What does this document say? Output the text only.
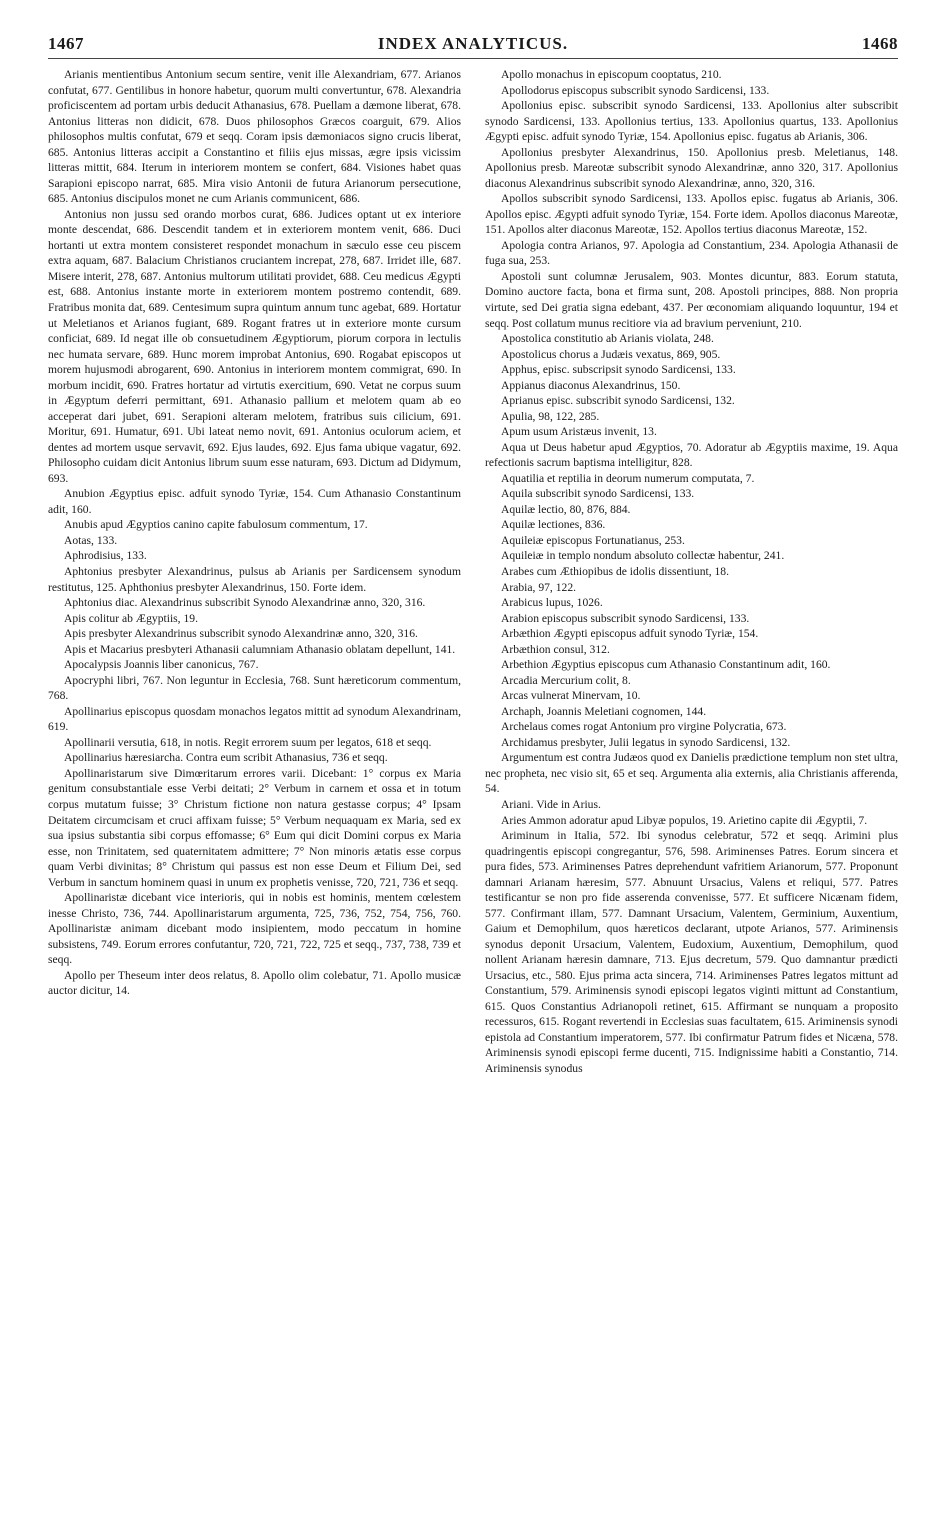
1467	INDEX ANALYTICUS.	1468

Arianis mentientibus Antonium secum sentire, venit ille Alexandriam, 677. Arianos confutat, 677. Gentilibus in honore habetur, quorum multi convertuntur, 678. Alexandria proficiscentem ad portam urbis deducit Athanasius, 678. Puellam a dæmone liberat, 678. Antonius litteras non didicit, 678. Duos philosophos Græcos coarguit, 679. Alios philosophos multis confutat, 679 et seqq. Coram ipsis dæmoniacos signo crucis liberat, 685. Antonius litteras accipit a Constantino et filiis ejus missas, ægre ipsis vicissim litteras mittit, 684. Iterum in interiorem montem se confert, 684. Visiones habet quas Sarapioni episcopo narrat, 685. Mira visio Antonii de futura Arianorum persecutione, 685. Antonius discipulos monet ne cum Arianis communicent, 686.

Antonius non jussu sed orando morbos curat, 686. Judices optant ut ex interiore monte descendat, 686. Descendit tandem et in exteriorem montem venit, 686. Duci hortanti ut extra montem consisteret respondet monachum in sæculo esse ceu piscem extra aquam, 687. Balacium Christianos cruciantem increpat, 278, 687. Irridet ille, 687. Misere interit, 278, 687. Antonius multorum utilitati providet, 688. Ceu medicus Ægypti est, 688. Antonius instante morte in exteriorem montem postremo contendit, 689. Fratribus monita dat, 689. Centesimum supra quintum annum tunc agebat, 689. Hortatur ut Meletianos et Arianos fugiant, 689. Rogant fratres ut in exteriore monte cursum conficiat, 689. Id negat ille ob consuetudinem Ægyptiorum, piorum corpora in lectulis nec humata servare, 689. Hunc morem improbat Antonius, 690. Rogabat episcopos ut morem hujusmodi abrogarent, 690. Antonius in interiorem montem commigrat, 690. In morbum incidit, 690. Fratres hortatur ad virtutis exercitium, 690. Vetat ne corpus suum in Ægyptum deferri permittant, 691. Athanasio pallium et melotem quam ab eo acceperat dari jubet, 691. Serapioni alteram melotem, fratribus suis cilicium, 691. Moritur, 691. Humatur, 691. Ubi lateat nemo novit, 691. Antonius oculorum aciem, et dentes ad mortem usque servavit, 692. Ejus laudes, 692. Ejus fama ubique vagatur, 692. Philosopho cuidam dicit Antonius librum suum esse naturam, 693. Dictum ad Didymum, 693.

Anubion Ægyptius episc. adfuit synodo Tyriæ, 154. Cum Athanasio Constantinum adit, 160.

Anubis apud Ægyptios canino capite fabulosum commentum, 17.

Aotas, 133.

Aphrodisius, 133.

Aphtonius presbyter Alexandrinus, pulsus ab Arianis per Sardicensem synodum restitutus, 125. Aphthonius presbyter Alexandrinus, 150. Forte idem.

Aphtonius diac. Alexandrinus subscribit Synodo Alexandrinæ anno, 320, 316.

Apis colitur ab Ægyptiis, 19.

Apis presbyter Alexandrinus subscribit synodo Alexandrinæ anno, 320, 316.

Apis et Macarius presbyteri Athanasii calumniam Athanasio oblatam depellunt, 141.

Apocalypsis Joannis liber canonicus, 767.

Apocryphi libri, 767. Non leguntur in Ecclesia, 768. Sunt hæreticorum commentum, 768.

Apollinarius episcopus quosdam monachos legatos mittit ad synodum Alexandrinam, 619.

Apollinarii versutia, 618, in notis. Regit errorem suum per legatos, 618 et seqq.

Apollinarius hæresiarcha. Contra eum scribit Athanasius, 736 et seqq.

Apollinaristarum sive Dimœritarum errores varii. Dicebant: 1° corpus ex Maria genitum consubstantiale esse Verbi deitati; 2° Verbum in carnem et ossa et in totum corpus mutatum fuisse; 3° Christum fictione non natura gestasse corpus; 4° Ipsam Deitatem circumcisam et cruci affixam fuisse; 5° Verbum nequaquam ex Maria, sed ex sua ipsius substantia sibi corpus effomasse; 6° Eum qui dicit Domini corpus ex Maria esse, non Trinitatem, sed quaternitatem admittere; 7° Non minoris ætatis esse corpus quam Verbi divinitas; 8° Christum qui passus est non esse Deum et Filium Dei, sed Verbum in sanctum hominem quasi in unum ex prophetis venisse, 720, 721, 736 et seqq.

Apollinaristæ dicebant vice interioris, qui in nobis est hominis, mentem cœlestem inesse Christo, 736, 744. Apollinaristarum argumenta, 725, 736, 752, 754, 756, 760. Apollinaristæ animam dicebant modo insipientem, modo peccatum in homine subsistens, 749. Eorum errores confutantur, 720, 721, 722, 725 et seqq., 737, 738, 739 et seqq.

Apollo per Theseum inter deos relatus, 8. Apollo olim colebatur, 71. Apollo musicæ auctor dicitur, 14.

Apollo monachus in episcopum cooptatus, 210.

Apollodorus episcopus subscribit synodo Sardicensi, 133.

Apollonius episc. subscribit synodo Sardicensi, 133. Apollonius alter subscribit synodo Sardicensi, 133. Apollonius tertius, 133. Apollonius quartus, 133. Apollonius Ægypti episc. adfuit synodo Tyriæ, 154. Apollonius episc. fugatus ab Arianis, 306.

Apollonius presbyter Alexandrinus, 150. Apollonius presb. Meletianus, 148. Apollonius presb. Mareotæ subscribit synodo Alexandrinæ, anno 320, 317. Apollonius diaconus Alexandrinus subscribit synodo Alexandrinæ, anno, 320, 316.

Apollos subscribit synodo Sardicensi, 133. Apollos episc. fugatus ab Arianis, 306. Apollos episc. Ægypti adfuit synodo Tyriæ, 154. Forte idem. Apollos diaconus Mareotæ, 151. Apollos alter diaconus Mareotæ, 152. Apollos tertius diaconus Mareotæ, 152.

Apologia contra Arianos, 97. Apologia ad Constantium, 234. Apologia Athanasii de fuga sua, 253.

Apostoli sunt columnæ Jerusalem, 903. Montes dicuntur, 883. Eorum statuta, Domino auctore facta, bona et firma sunt, 208. Apostoli principes, 888. Non propria virtute, sed Dei gratia signa edebant, 437. Per œconomiam aliquando loquuntur, 194 et seqq. Post collatum munus recitiore via ad bravium perveniunt, 210.

Apostolica constitutio ab Arianis violata, 248.

Apostolicus chorus a Judæis vexatus, 869, 905.

Apphus, episc. subscripsit synodo Sardicensi, 133.

Appianus diaconus Alexandrinus, 150.

Aprianus episc. subscribit synodo Sardicensi, 132.

Apulia, 98, 122, 285.

Apum usum Aristæus invenit, 13.

Aqua ut Deus habetur apud Ægyptios, 70. Adoratur ab Ægyptiis maxime, 19. Aqua refectionis sacrum baptisma intelligitur, 828.

Aquatilia et reptilia in deorum numerum computata, 7.

Aquila subscribit synodo Sardicensi, 133.

Aquilæ lectio, 80, 876, 884.

Aquilæ lectiones, 836.

Aquileiæ episcopus Fortunatianus, 253.

Aquileiæ in templo nondum absoluto collectæ habentur, 241.

Arabes cum Æthiopibus de idolis dissentiunt, 18.

Arabia, 97, 122.

Arabicus lupus, 1026.

Arabion episcopus subscribit synodo Sardicensi, 133.

Arbæthion Ægypti episcopus adfuit synodo Tyriæ, 154.

Arbæthion consul, 312.

Arbethion Ægyptius episcopus cum Athanasio Constantinum adit, 160.

Arcadia Mercurium colit, 8.

Arcas vulnerat Minervam, 10.

Archaph, Joannis Meletiani cognomen, 144.

Archelaus comes rogat Antonium pro virgine Polycratia, 673.

Archidamus presbyter, Julii legatus in synodo Sardicensi, 132.

Argumentum est contra Judæos quod ex Danielis prædictione templum non stet ultra, nec propheta, nec visio sit, 65 et seq. Argumenta alia externis, alia Christianis afferenda, 54.

Ariani. Vide in Arius.

Aries Ammon adoratur apud Libyæ populos, 19. Arietino capite dii Ægyptii, 7.

Ariminum in Italia, 572. Ibi synodus celebratur, 572 et seqq. Arimini plus quadringentis episcopi congregantur, 576, 598. Ariminenses Patres. Eorum sincera et pura fides, 573. Ariminenses Patres deprehendunt vafritiem Arianorum, 577. Proponunt damnari Arianam hæresim, 577. Abnuunt Ursacius, Valens et reliqui, 577. Patres testificantur se non pro fide asserenda convenisse, 577. Et sufficere Nicænam fidem, 577. Confirmant illam, 577. Damnant Ursacium, Valentem, Germinium, Auxentium, Gaium et Demophilum, quos hæreticos declarant, utpote Arianos, 577. Ariminensis synodus deponit Ursacium, Valentem, Eudoxium, Auxentium, Demophilum, quod nollent Arianam hæresin damnare, 713. Ejus decretum, 579. Quo damnantur prædicti Ursacius, etc., 580. Ejus prima acta sincera, 714. Ariminenses Patres legatos mittunt ad Constantium, 579. Ariminensis synodi episcopi legatos viginti mittunt ad Constantium, 615. Quos Constantius Adrianopoli retinet, 615. Affirmant se nunquam a proposito recessuros, 615. Rogant revertendi in Ecclesias suas facultatem, 615. Ariminensis synodi epistola ad Constantium imperatorem, 577. Ibi confirmatur Patrum fides et Nicæna, 578. Ariminensis synodi episcopi ferme ducenti, 715. Indignissime habiti a Constantio, 714. Ariminensis synodus
